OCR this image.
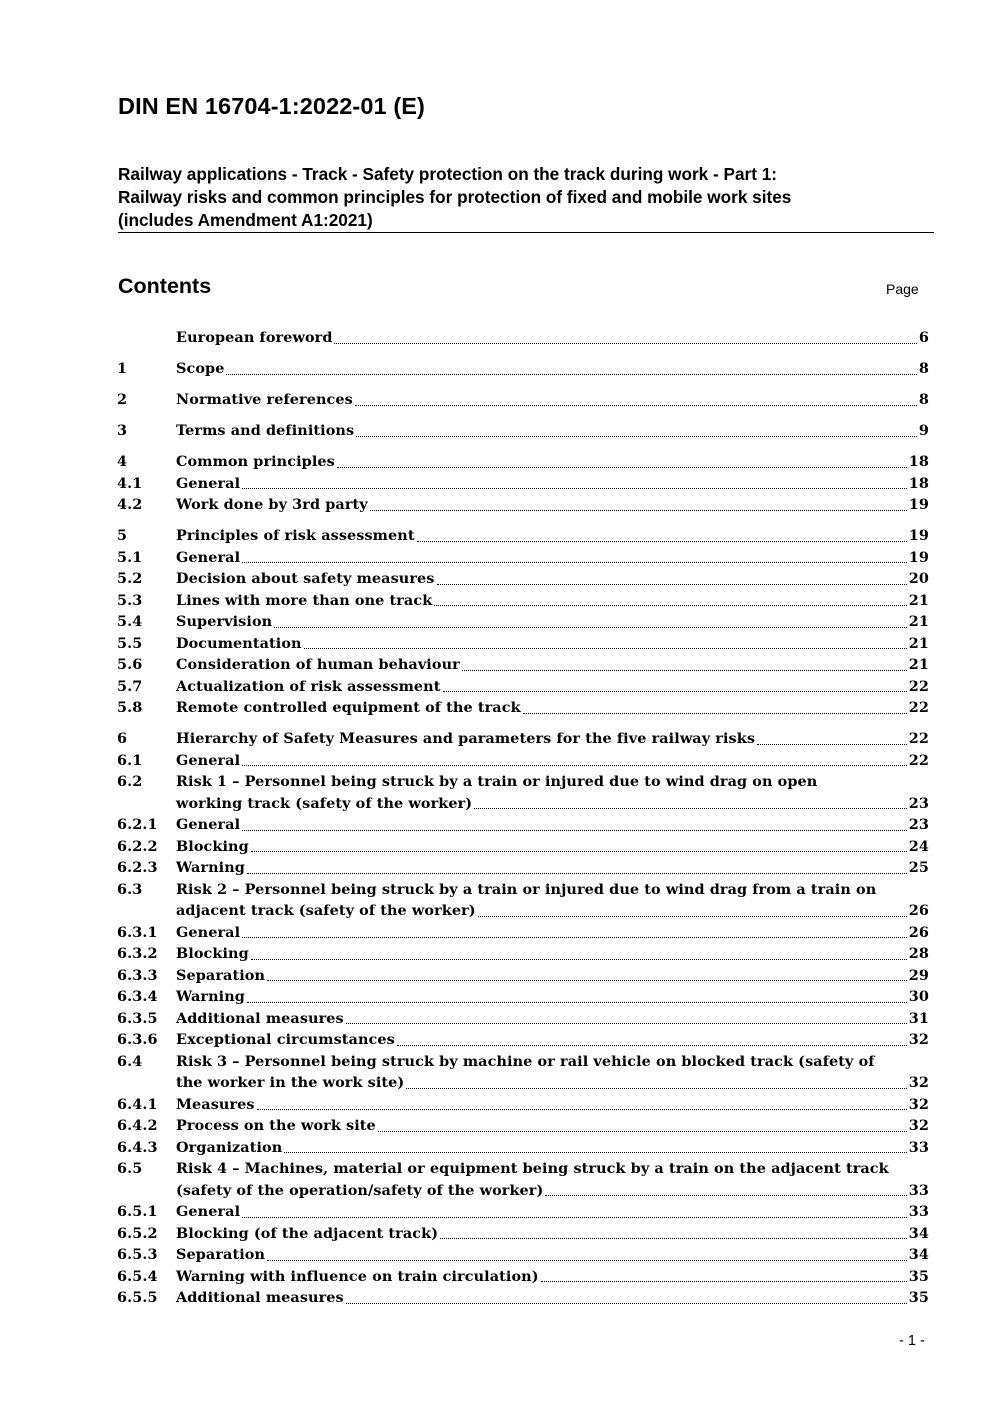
DIN EN 16704-1:2022-01 (E)
Railway applications - Track - Safety protection on the track during work - Part 1:
Railway risks and common principles for protection of fixed and mobile work sites
(includes Amendment A1:2021)
Contents	Page
European foreword	6
1	Scope	8
2	Normative references	8
3	Terms and definitions	9
4	Common principles	18
4.1	General	18
4.2	Work done by 3rd party	19
5	Principles of risk assessment	19
5.1	General	19
5.2	Decision about safety measures	20
5.3	Lines with more than one track	21
5.4	Supervision	21
5.5	Documentation	21
5.6	Consideration of human behaviour	21
5.7	Actualization of risk assessment	22
5.8	Remote controlled equipment of the track	22
6	Hierarchy of Safety Measures and parameters for the five railway risks	22
6.1	General	22
6.2	Risk 1 – Personnel being struck by a train or injured due to wind drag on open
working track (safety of the worker)	23
6.2.1	General	23
6.2.2	Blocking	24
6.2.3	Warning	25
6.3	Risk 2 – Personnel being struck by a train or injured due to wind drag from a train on
adjacent track (safety of the worker)	26
6.3.1	General	26
6.3.2	Blocking	28
6.3.3	Separation	29
6.3.4	Warning	30
6.3.5	Additional measures	31
6.3.6	Exceptional circumstances	32
6.4	Risk 3 – Personnel being struck by machine or rail vehicle on blocked track (safety of
the worker in the work site)	32
6.4.1	Measures	32
6.4.2	Process on the work site	32
6.4.3	Organization	33
6.5	Risk 4 – Machines, material or equipment being struck by a train on the adjacent track
(safety of the operation/safety of the worker)	33
6.5.1	General	33
6.5.2	Blocking (of the adjacent track)	34
6.5.3	Separation	34
6.5.4	Warning with influence on train circulation)	35
6.5.5	Additional measures	35
- 1 -
